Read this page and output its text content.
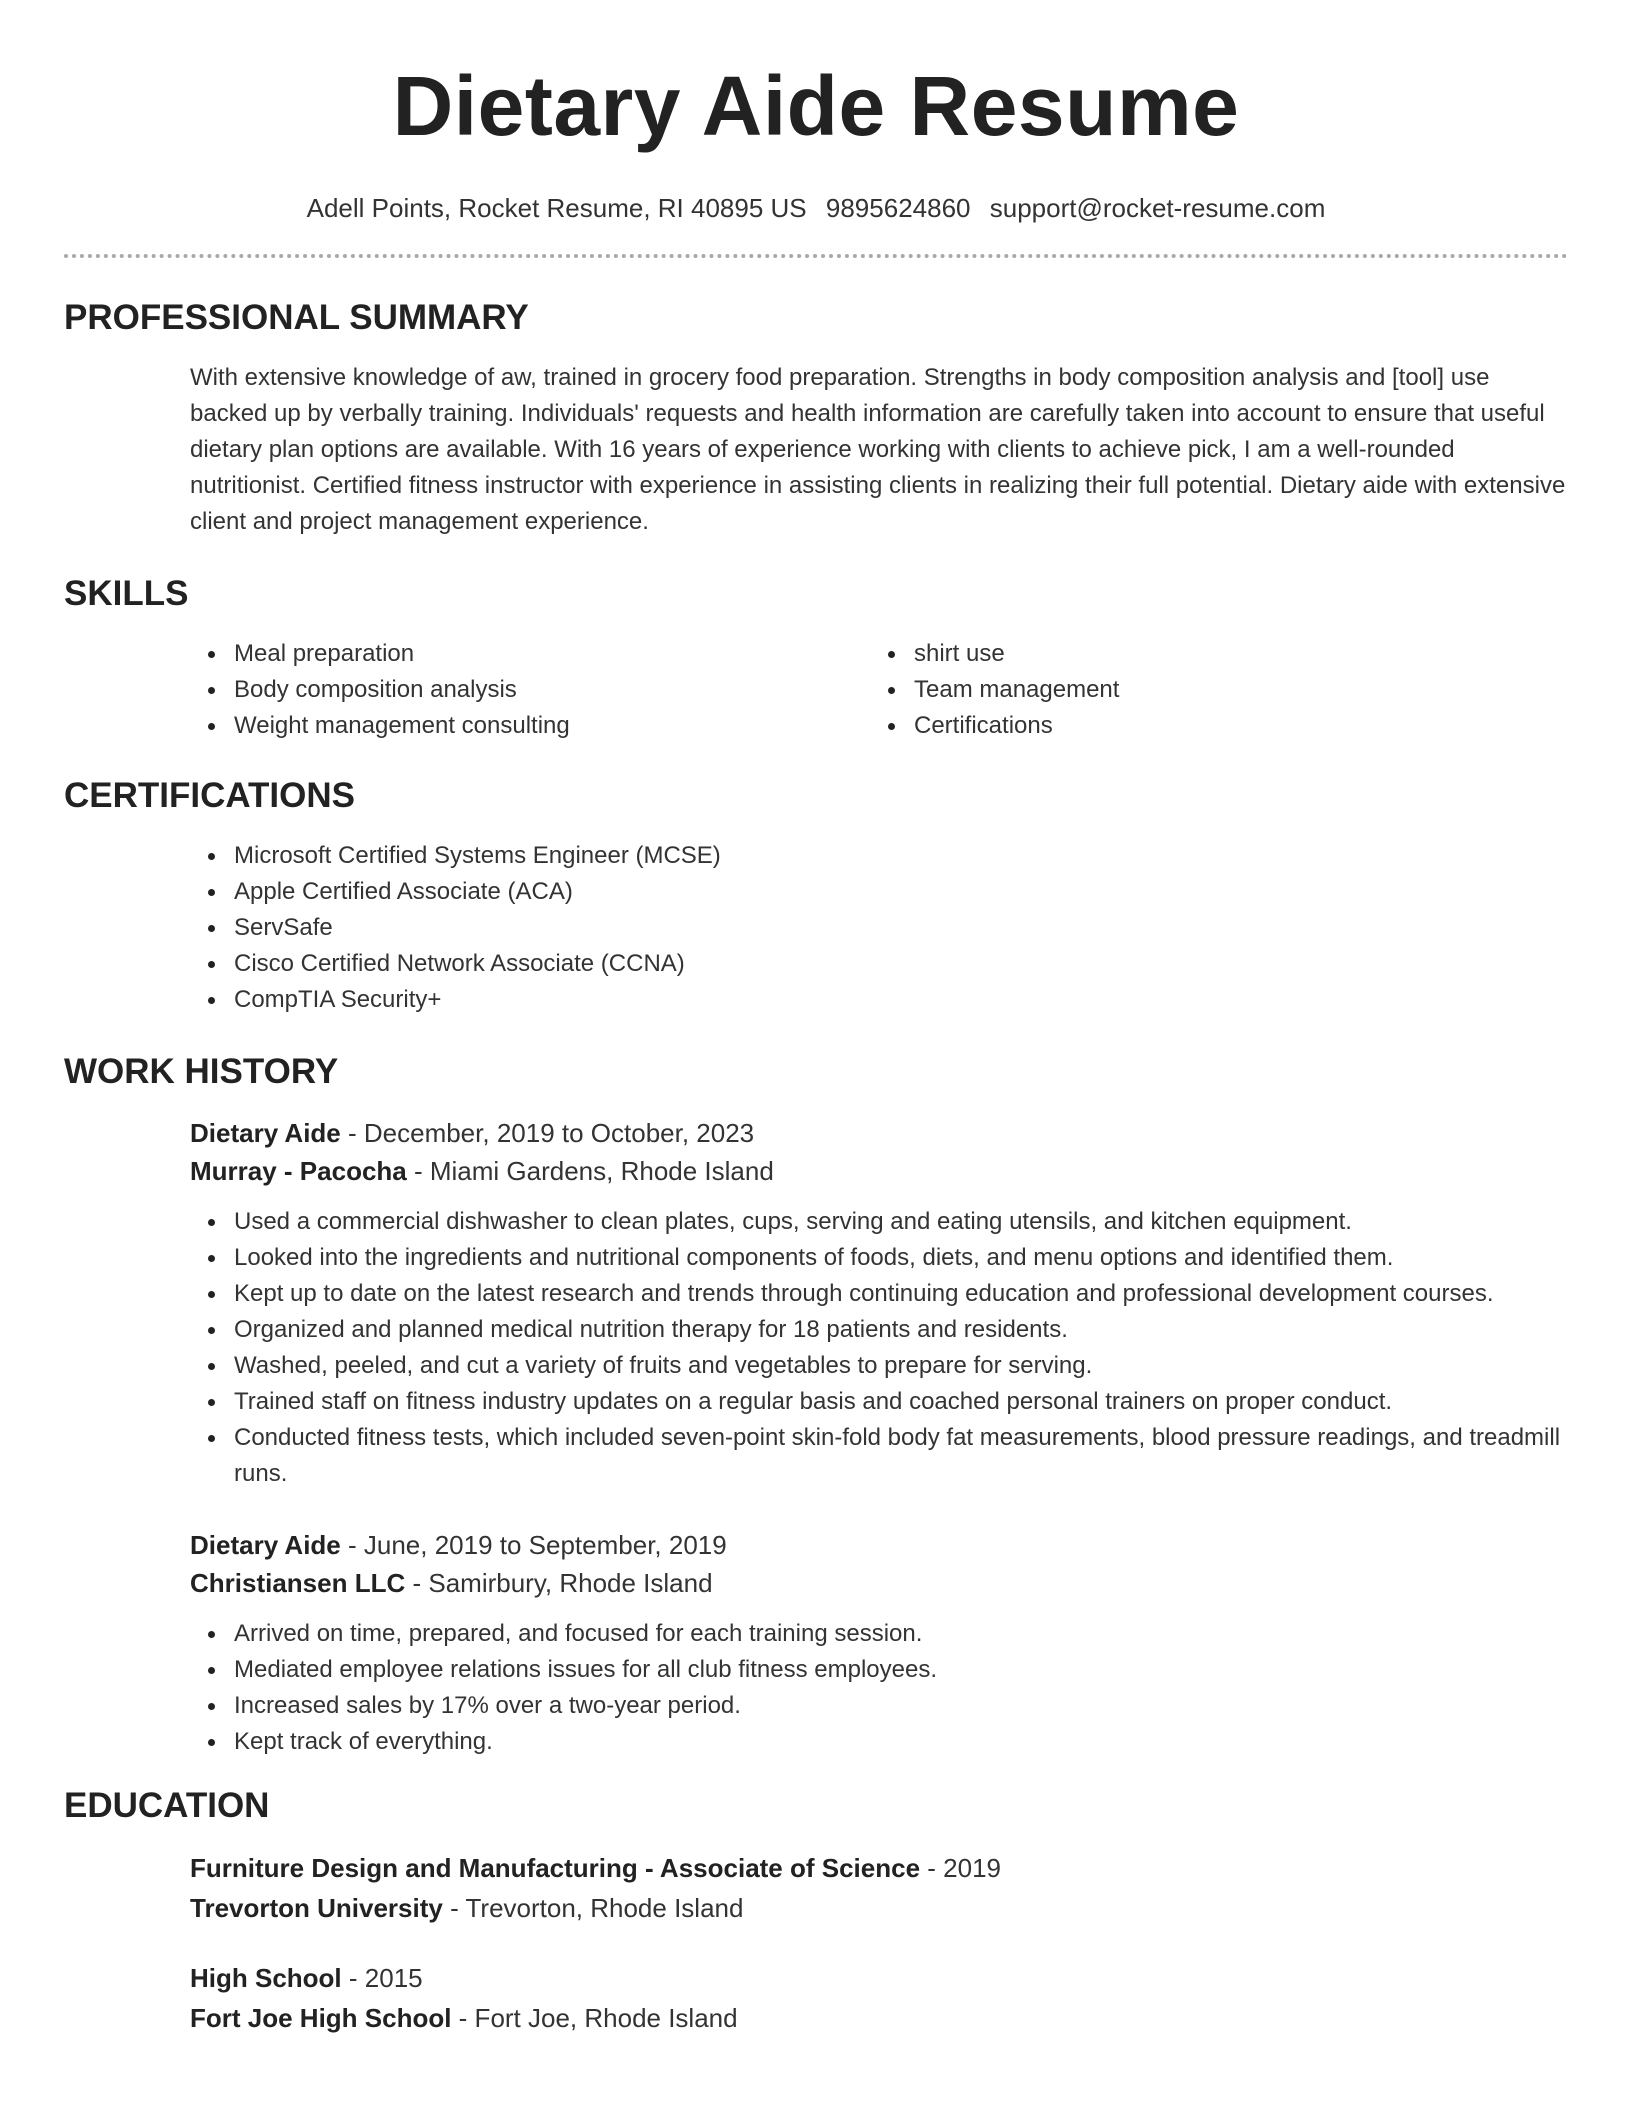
Dietary Aide Resume
Adell Points, Rocket Resume, RI 40895 US 9895624860 support@rocket-resume.com
PROFESSIONAL SUMMARY
With extensive knowledge of aw, trained in grocery food preparation. Strengths in body composition analysis and [tool] use backed up by verbally training. Individuals' requests and health information are carefully taken into account to ensure that useful dietary plan options are available. With 16 years of experience working with clients to achieve pick, I am a well-rounded nutritionist. Certified fitness instructor with experience in assisting clients in realizing their full potential. Dietary aide with extensive client and project management experience.
SKILLS
Meal preparation
Body composition analysis
Weight management consulting
shirt use
Team management
Certifications
CERTIFICATIONS
Microsoft Certified Systems Engineer (MCSE)
Apple Certified Associate (ACA)
ServSafe
Cisco Certified Network Associate (CCNA)
CompTIA Security+
WORK HISTORY
Dietary Aide - December, 2019 to October, 2023
Murray - Pacocha - Miami Gardens, Rhode Island
Used a commercial dishwasher to clean plates, cups, serving and eating utensils, and kitchen equipment.
Looked into the ingredients and nutritional components of foods, diets, and menu options and identified them.
Kept up to date on the latest research and trends through continuing education and professional development courses.
Organized and planned medical nutrition therapy for 18 patients and residents.
Washed, peeled, and cut a variety of fruits and vegetables to prepare for serving.
Trained staff on fitness industry updates on a regular basis and coached personal trainers on proper conduct.
Conducted fitness tests, which included seven-point skin-fold body fat measurements, blood pressure readings, and treadmill runs.
Dietary Aide - June, 2019 to September, 2019
Christiansen LLC - Samirbury, Rhode Island
Arrived on time, prepared, and focused for each training session.
Mediated employee relations issues for all club fitness employees.
Increased sales by 17% over a two-year period.
Kept track of everything.
EDUCATION
Furniture Design and Manufacturing - Associate of Science - 2019
Trevorton University - Trevorton, Rhode Island
High School - 2015
Fort Joe High School - Fort Joe, Rhode Island
